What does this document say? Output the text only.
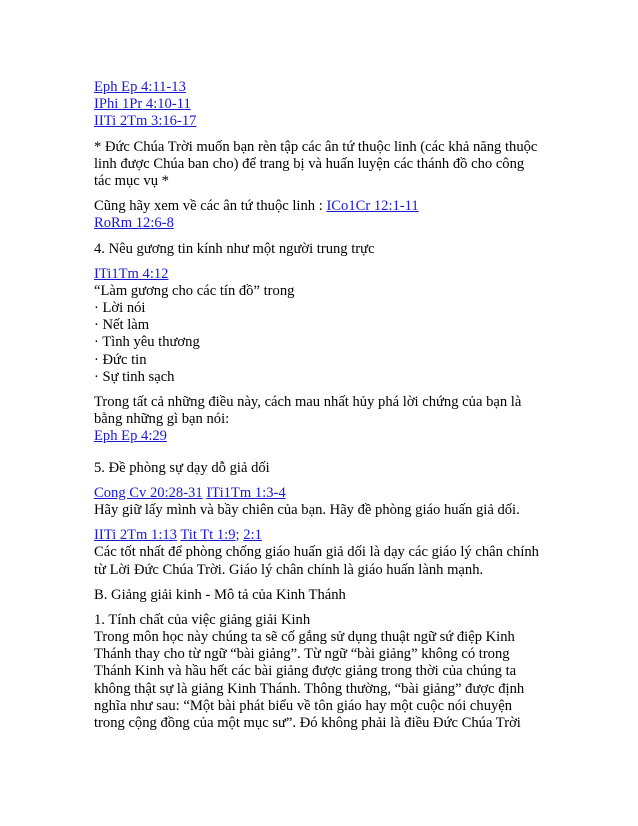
Eph Ep 4:11-13
IPhi 1Pr 4:10-11
IITi 2Tm 3:16-17
* Đức Chúa Trời muốn bạn rèn tập các ân tứ thuộc linh (các khả năng thuộc
linh được Chúa ban cho) để trang bị và huấn luyện các thánh đồ cho công
tác mục vụ *
Cũng hãy xem về các ân tứ thuộc linh : ICo1Cr 12:1-11
RoRm 12:6-8
4. Nêu gương tin kính như một người trung trực
ITi1Tm 4:12
“Làm gương cho các tín đồ” trong
· Lời nói
· Nết làm
· Tình yêu thương
· Đức tin
· Sự tinh sạch
Trong tất cả những điều này, cách mau nhất hủy phá lời chứng của bạn là
bằng những gì bạn nói:
Eph Ep 4:29
5. Đề phòng sự dạy dỗ giả dối
Cong Cv 20:28-31 ITi1Tm 1:3-4
Hãy giữ lấy mình và bầy chiên của bạn. Hãy đề phòng giáo huấn giả dối.
IITi 2Tm 1:13 Tit Tt 1:9; 2:1
Các tốt nhất để phòng chống giáo huấn giả dối là dạy các giáo lý chân chính
từ Lời Đức Chúa Trời. Giáo lý chân chính là giáo huấn lành mạnh.
B. Giảng giải kinh - Mô tả của Kinh Thánh
1. Tính chất của việc giảng giải Kinh
Trong môn học này chúng ta sẽ cố gắng sử dụng thuật ngữ sứ điệp Kinh
Thánh thay cho từ ngữ “bài giảng”. Từ ngữ “bài giảng” không có trong
Thánh Kinh và hầu hết các bài giảng được giảng trong thời của chúng ta
không thật sự là giảng Kinh Thánh. Thông thường, “bài giảng” được định
nghĩa như sau: “Một bài phát biểu về tôn giáo hay một cuộc nói chuyện
trong cộng đồng của một mục sư”. Đó không phải là điều Đức Chúa Trời
